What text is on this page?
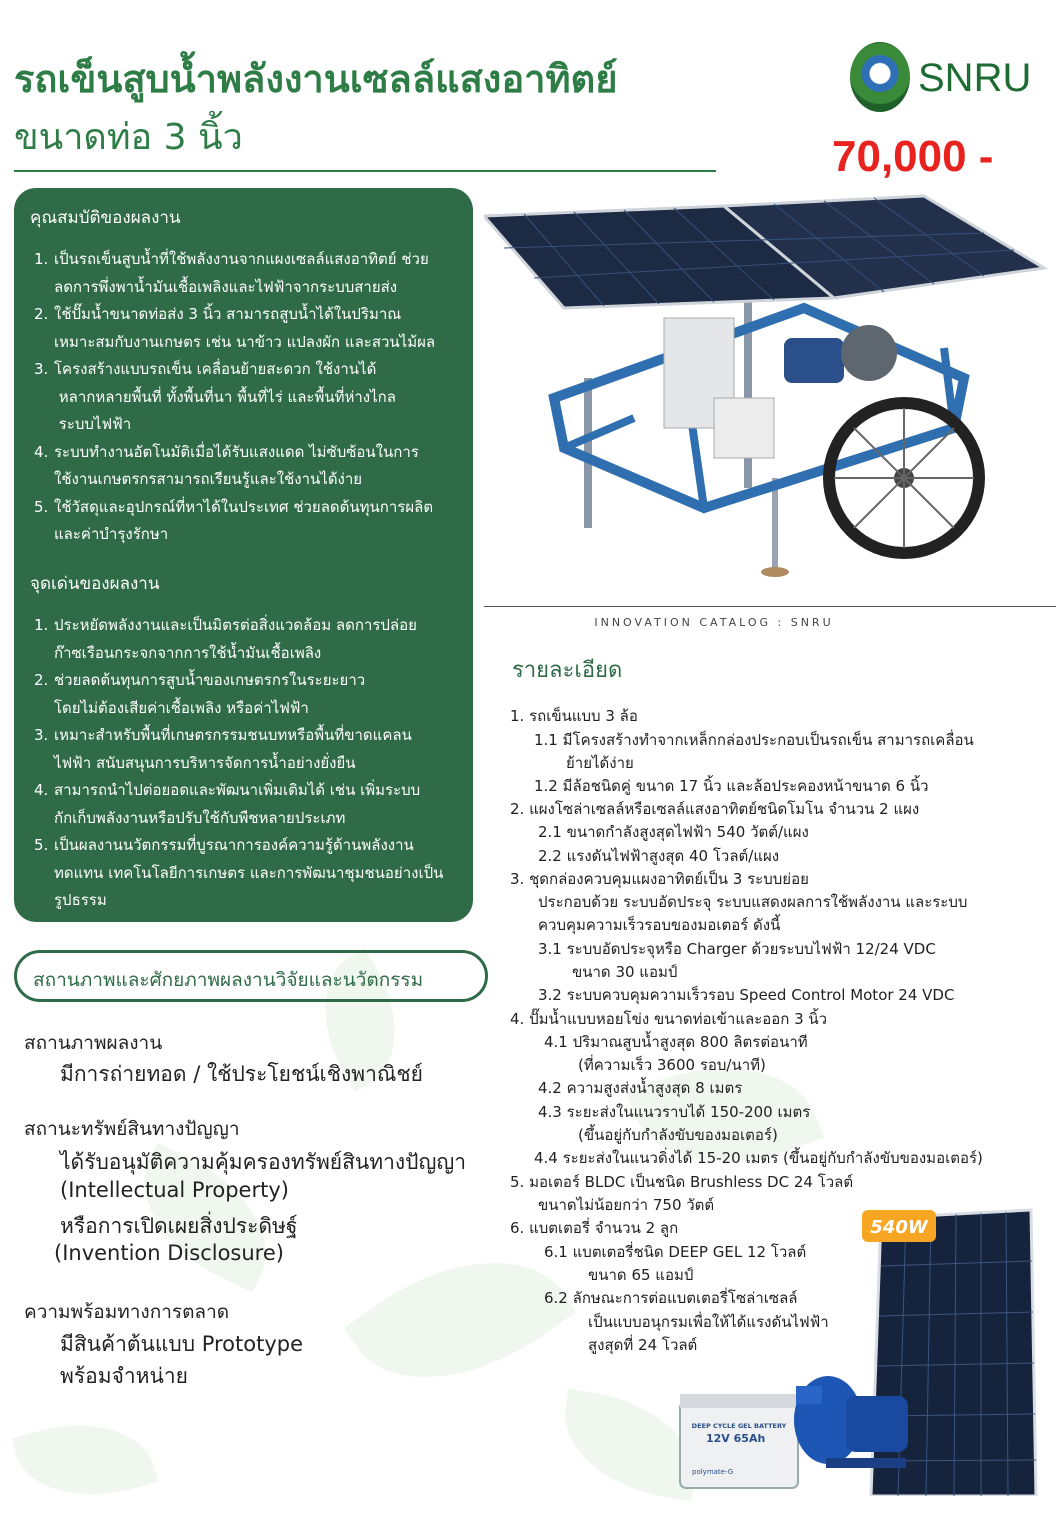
รถเข็นสูบน้ำพลังงานเซลล์แสงอาทิตย์
ขนาดท่อ 3 นิ้ว
SNRU
70,000 -
คุณสมบัติของผลงาน
1. เป็นรถเข็นสูบน้ำที่ใช้พลังงานจากแผงเซลล์แสงอาทิตย์ ช่วย
ลดการพึ่งพาน้ำมันเชื้อเพลิงและไฟฟ้าจากระบบสายส่ง
2. ใช้ปั๊มน้ำขนาดท่อส่ง 3 นิ้ว สามารถสูบน้ำได้ในปริมาณ
เหมาะสมกับงานเกษตร เช่น นาข้าว แปลงผัก และสวนไม้ผล
3. โครงสร้างแบบรถเข็น เคลื่อนย้ายสะดวก ใช้งานได้
หลากหลายพื้นที่ ทั้งพื้นที่นา พื้นที่ไร่ และพื้นที่ห่างไกล
ระบบไฟฟ้า
4. ระบบทำงานอัตโนมัติเมื่อได้รับแสงแดด ไม่ซับซ้อนในการ
ใช้งานเกษตรกรสามารถเรียนรู้และใช้งานได้ง่าย
5. ใช้วัสดุและอุปกรณ์ที่หาได้ในประเทศ ช่วยลดต้นทุนการผลิต
และค่าบำรุงรักษา
จุดเด่นของผลงาน
1. ประหยัดพลังงานและเป็นมิตรต่อสิ่งแวดล้อม ลดการปล่อย
ก๊าซเรือนกระจกจากการใช้น้ำมันเชื้อเพลิง
2. ช่วยลดต้นทุนการสูบน้ำของเกษตรกรในระยะยาว
โดยไม่ต้องเสียค่าเชื้อเพลิง หรือค่าไฟฟ้า
3. เหมาะสำหรับพื้นที่เกษตรกรรมชนบทหรือพื้นที่ขาดแคลน
ไฟฟ้า สนับสนุนการบริหารจัดการน้ำอย่างยั่งยืน
4. สามารถนำไปต่อยอดและพัฒนาเพิ่มเติมได้ เช่น เพิ่มระบบ
กักเก็บพลังงานหรือปรับใช้กับพืชหลายประเภท
5. เป็นผลงานนวัตกรรมที่บูรณาการองค์ความรู้ด้านพลังงาน
ทดแทน เทคโนโลยีการเกษตร และการพัฒนาชุมชนอย่างเป็น
รูปธรรม
สถานภาพและศักยภาพผลงานวิจัยและนวัตกรรม
สถานภาพผลงาน
มีการถ่ายทอด / ใช้ประโยชน์เชิงพาณิชย์
สถานะทรัพย์สินทางปัญญา
ได้รับอนุมัติความคุ้มครองทรัพย์สินทางปัญญา
(Intellectual Property)
หรือการเปิดเผยสิ่งประดิษฐ์
(Invention Disclosure)
ความพร้อมทางการตลาด
มีสินค้าต้นแบบ Prototype
พร้อมจำหน่าย
INNOVATION CATALOG : SNRU
รายละเอียด
1. รถเข็นแบบ 3 ล้อ
1.1 มีโครงสร้างทำจากเหล็กกล่องประกอบเป็นรถเข็น สามารถเคลื่อน
ย้ายได้ง่าย
1.2 มีล้อชนิดคู่ ขนาด 17 นิ้ว และล้อประคองหน้าขนาด 6 นิ้ว
2. แผงโซล่าเซลล์หรือเซลล์แสงอาทิตย์ชนิดโมโน จำนวน 2 แผง
2.1 ขนาดกำลังสูงสุดไฟฟ้า 540 วัตต์/แผง
2.2 แรงดันไฟฟ้าสูงสุด 40 โวลต์/แผง
3. ชุดกล่องควบคุมแผงอาทิตย์เป็น 3 ระบบย่อย
ประกอบด้วย ระบบอัดประจุ ระบบแสดงผลการใช้พลังงาน และระบบ
ควบคุมความเร็วรอบของมอเตอร์ ดังนี้
3.1 ระบบอัดประจุหรือ Charger ด้วยระบบไฟฟ้า 12/24 VDC
ขนาด 30 แอมป์
3.2 ระบบควบคุมความเร็วรอบ Speed Control Motor 24 VDC
4. ปั๊มน้ำแบบหอยโข่ง ขนาดท่อเข้าและออก 3 นิ้ว
4.1 ปริมาณสูบน้ำสูงสุด 800 ลิตรต่อนาที
(ที่ความเร็ว 3600 รอบ/นาที)
4.2 ความสูงส่งน้ำสูงสุด 8 เมตร
4.3 ระยะส่งในแนวราบได้ 150-200 เมตร
(ขึ้นอยู่กับกำลังขับของมอเตอร์)
4.4 ระยะส่งในแนวดิ่งได้ 15-20 เมตร (ขึ้นอยู่กับกำลังขับของมอเตอร์)
5. มอเตอร์ BLDC เป็นชนิด Brushless DC 24 โวลต์
ขนาดไม่น้อยกว่า 750 วัตต์
6. แบตเตอรี่ จำนวน 2 ลูก
6.1 แบตเตอรี่ชนิด DEEP GEL 12 โวลต์
ขนาด 65 แอมป์
6.2 ลักษณะการต่อแบตเตอรี่โซล่าเซลล์
เป็นแบบอนุกรมเพื่อให้ได้แรงดันไฟฟ้า
สูงสุดที่ 24 โวลต์
540W
DEEP CYCLE GEL BATTERY
12V 65Ah
polymate-G
